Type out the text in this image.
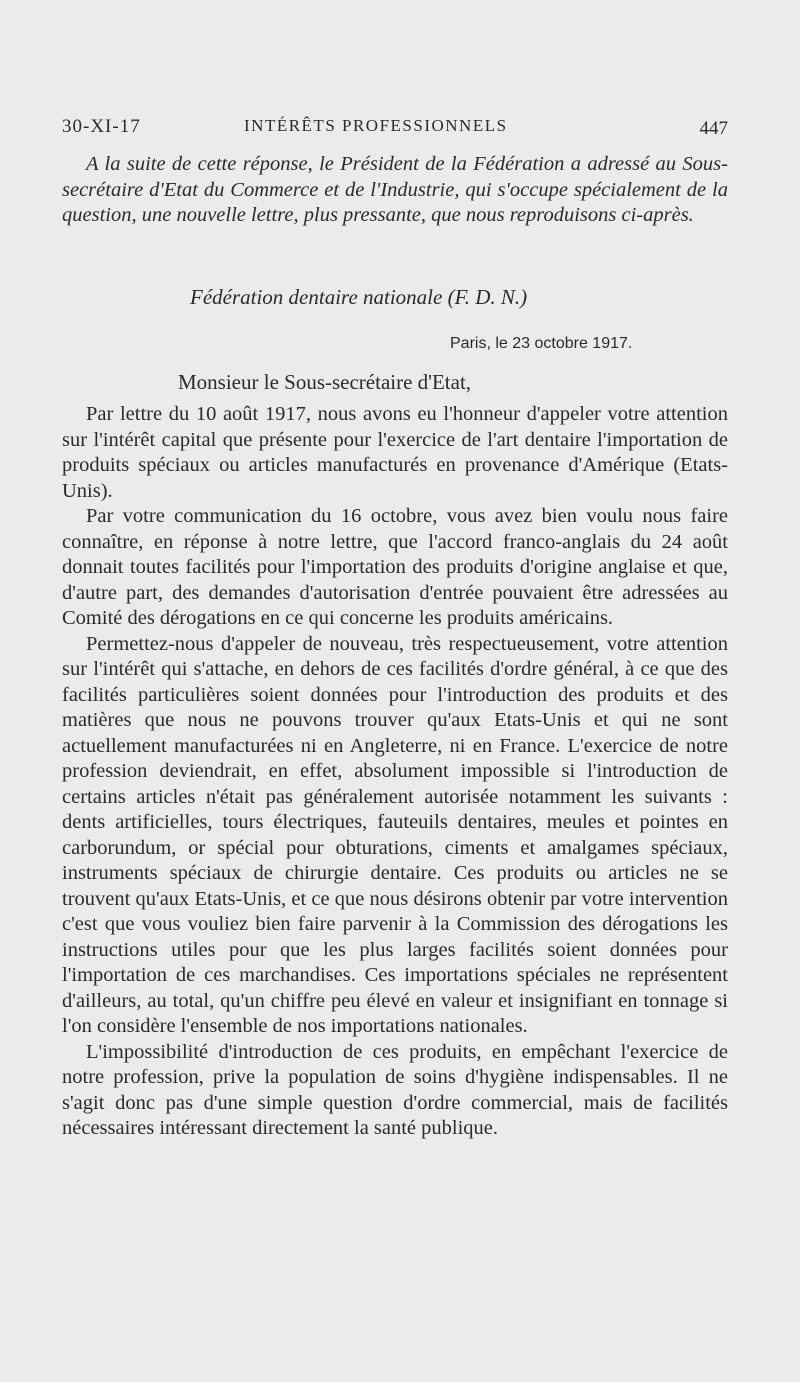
30-XI-17	INTÉRÊTS PROFESSIONNELS	447

A la suite de cette réponse, le Président de la Fédération a adressé au Sous-secrétaire d'Etat du Commerce et de l'Industrie, qui s'occupe spécialement de la question, une nouvelle lettre, plus pressante, que nous reproduisons ci-après.

Fédération dentaire nationale (F. D. N.)
Paris, le 23 octobre 1917.
Monsieur le Sous-secrétaire d'Etat,

Par lettre du 10 août 1917, nous avons eu l'honneur d'appeler votre attention sur l'intérêt capital que présente pour l'exercice de l'art dentaire l'importation de produits spéciaux ou articles manufacturés en provenance d'Amérique (Etats-Unis).

Par votre communication du 16 octobre, vous avez bien voulu nous faire connaître, en réponse à notre lettre, que l'accord franco-anglais du 24 août donnait toutes facilités pour l'importation des produits d'origine anglaise et que, d'autre part, des demandes d'autorisation d'entrée pouvaient être adressées au Comité des dérogations en ce qui concerne les produits américains.

Permettez-nous d'appeler de nouveau, très respectueusement, votre attention sur l'intérêt qui s'attache, en dehors de ces facilités d'ordre général, à ce que des facilités particulières soient données pour l'introduction des produits et des matières que nous ne pouvons trouver qu'aux Etats-Unis et qui ne sont actuellement manufacturées ni en Angleterre, ni en France. L'exercice de notre profession deviendrait, en effet, absolument impossible si l'introduction de certains articles n'était pas généralement autorisée notamment les suivants : dents artificielles, tours électriques, fauteuils dentaires, meules et pointes en carborundum, or spécial pour obturations, ciments et amalgames spéciaux, instruments spéciaux de chirurgie dentaire. Ces produits ou articles ne se trouvent qu'aux Etats-Unis, et ce que nous désirons obtenir par votre intervention c'est que vous vouliez bien faire parvenir à la Commission des dérogations les instructions utiles pour que les plus larges facilités soient données pour l'importation de ces marchandises. Ces importations spéciales ne représentent d'ailleurs, au total, qu'un chiffre peu élevé en valeur et insignifiant en tonnage si l'on considère l'ensemble de nos importations nationales.

L'impossibilité d'introduction de ces produits, en empêchant l'exercice de notre profession, prive la population de soins d'hygiène indispensables. Il ne s'agit donc pas d'une simple question d'ordre commercial, mais de facilités nécessaires intéressant directement la santé publique.
